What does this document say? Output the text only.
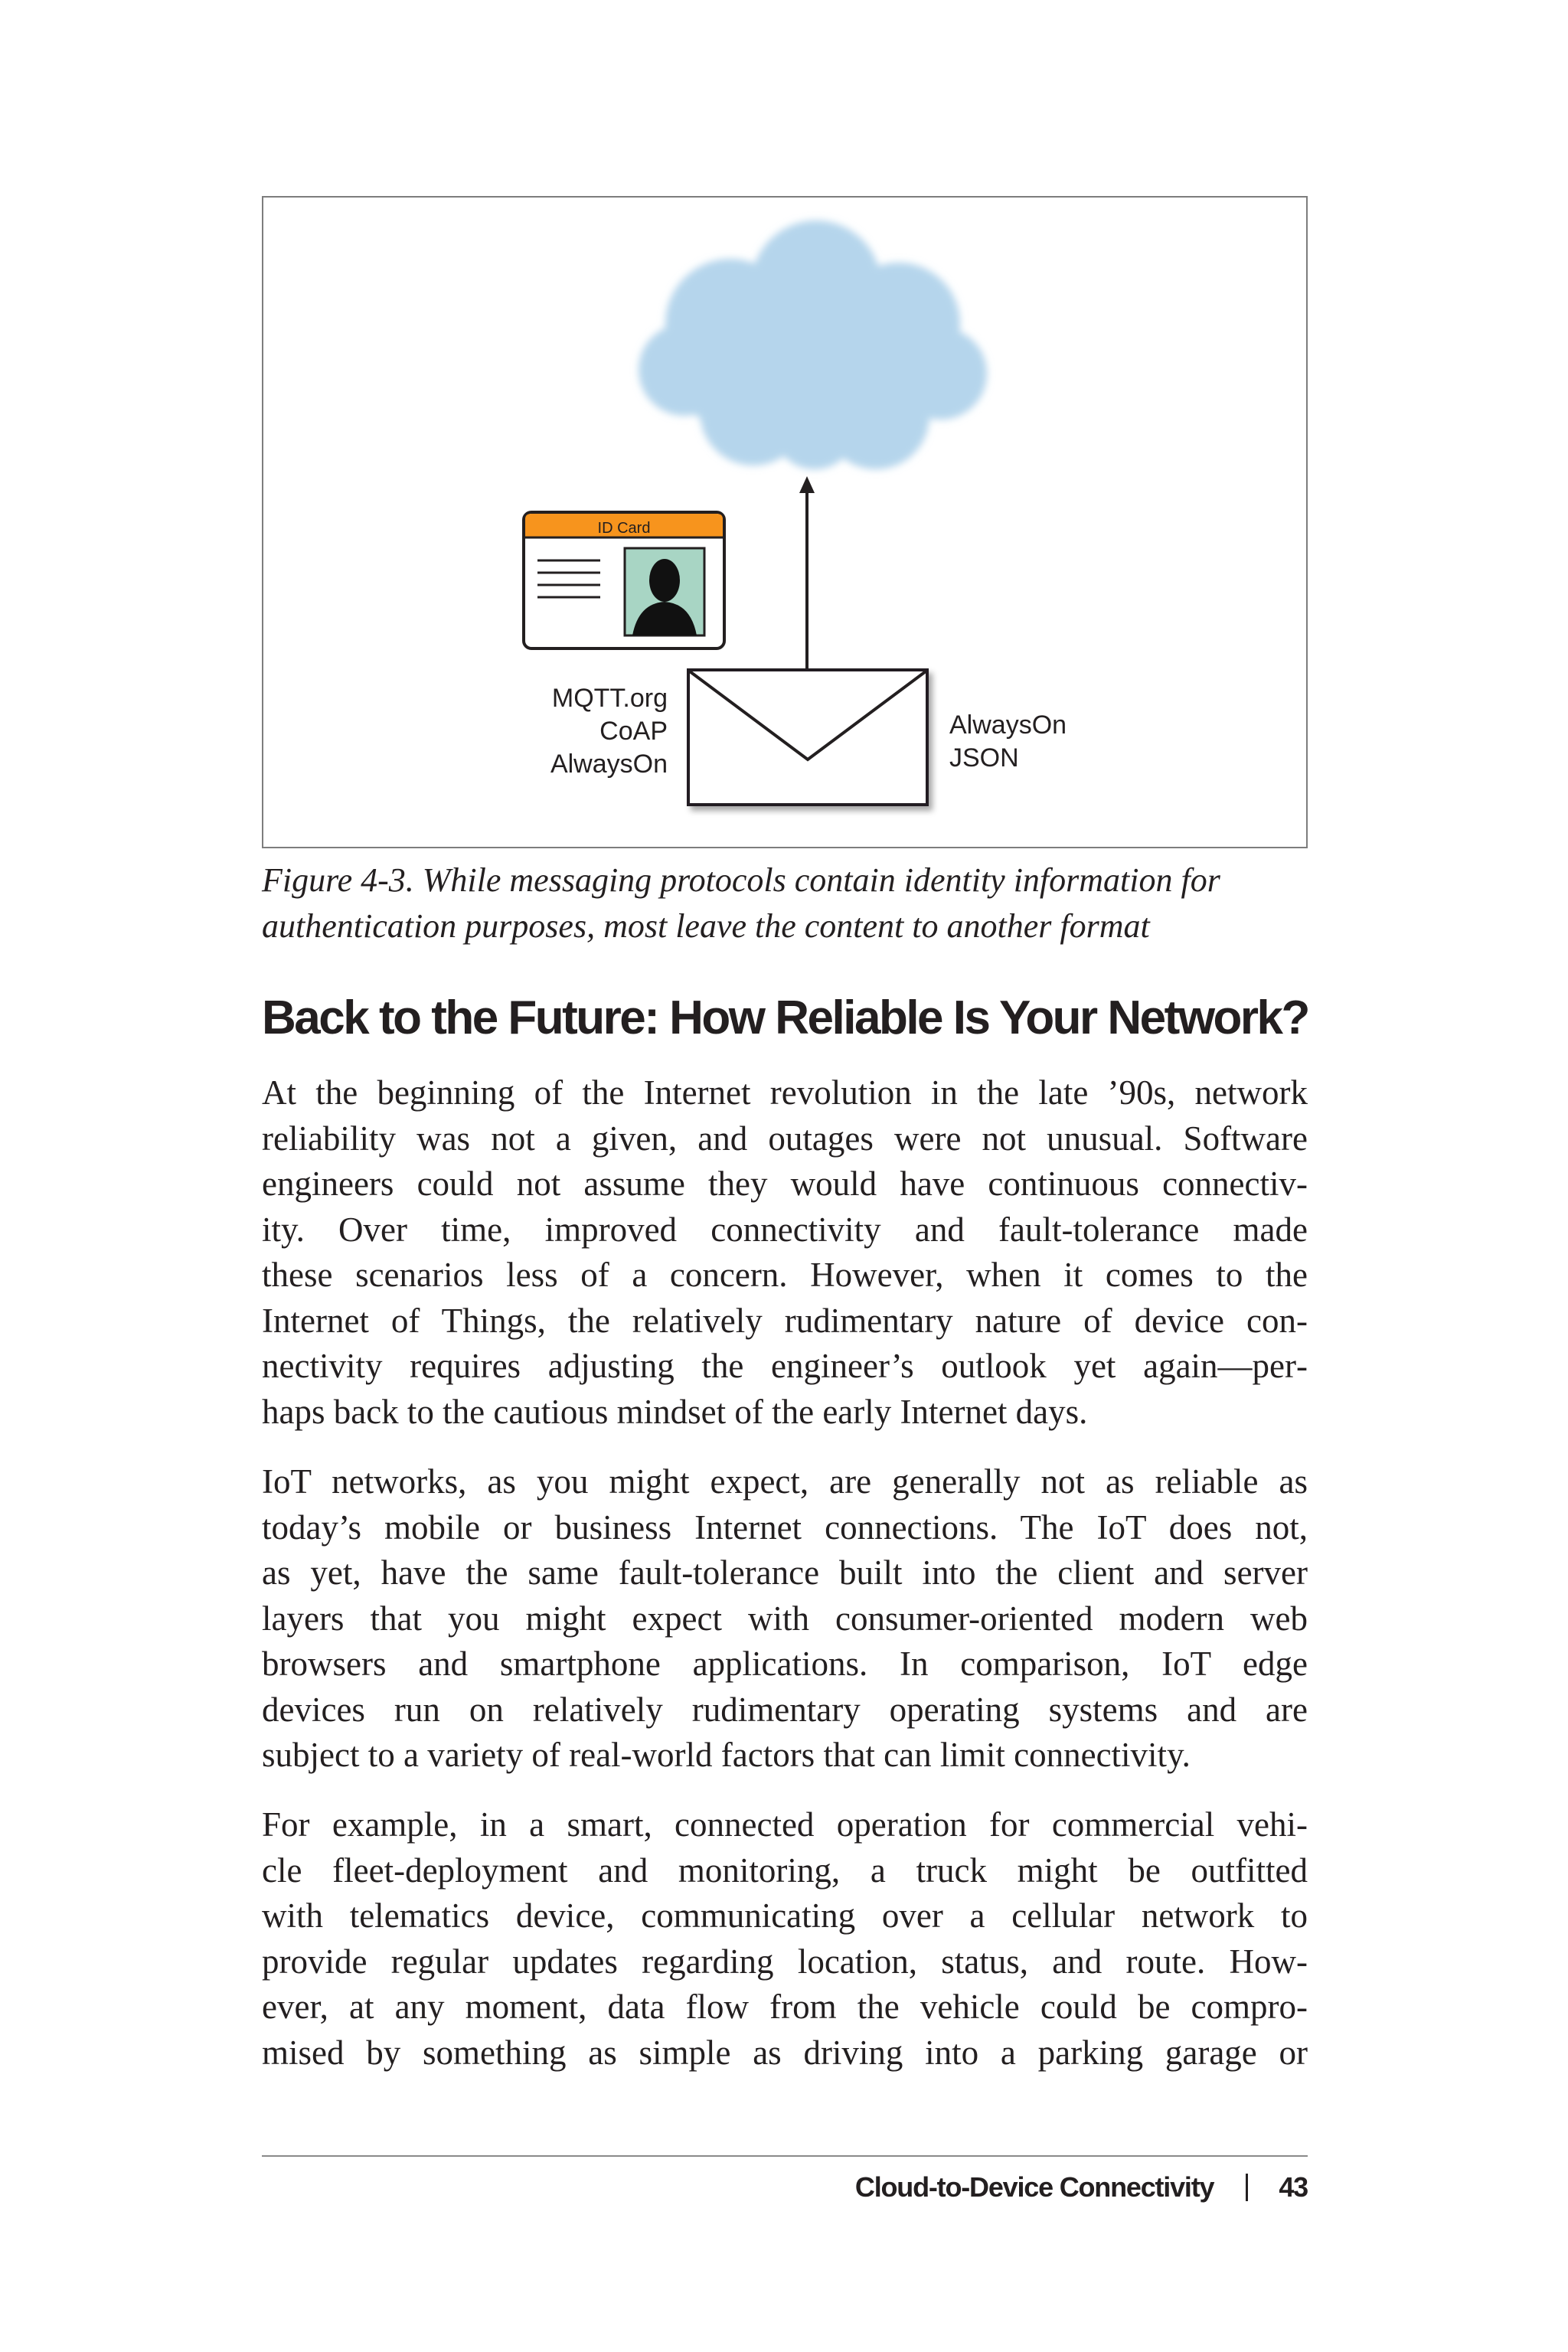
ID Card
MQTT.org
CoAP
AlwaysOn
AlwaysOn
JSON

Figure 4-3. While messaging protocols contain identity information for
authentication purposes, most leave the content to another format

Back to the Future: How Reliable Is Your Network?

At the beginning of the Internet revolution in the late ’90s, network
reliability was not a given, and outages were not unusual. Software
engineers could not assume they would have continuous connectiv‐
ity. Over time, improved connectivity and fault-tolerance made
these scenarios less of a concern. However, when it comes to the
Internet of Things, the relatively rudimentary nature of device con‐
nectivity requires adjusting the engineer’s outlook yet again—per‐
haps back to the cautious mindset of the early Internet days.

IoT networks, as you might expect, are generally not as reliable as
today’s mobile or business Internet connections. The IoT does not,
as yet, have the same fault-tolerance built into the client and server
layers that you might expect with consumer-oriented modern web
browsers and smartphone applications. In comparison, IoT edge
devices run on relatively rudimentary operating systems and are
subject to a variety of real-world factors that can limit connectivity.

For example, in a smart, connected operation for commercial vehi‐
cle fleet-deployment and monitoring, a truck might be outfitted
with telematics device, communicating over a cellular network to
provide regular updates regarding location, status, and route. How‐
ever, at any moment, data flow from the vehicle could be compro‐
mised by something as simple as driving into a parking garage or

Cloud-to-Device Connectivity 43
